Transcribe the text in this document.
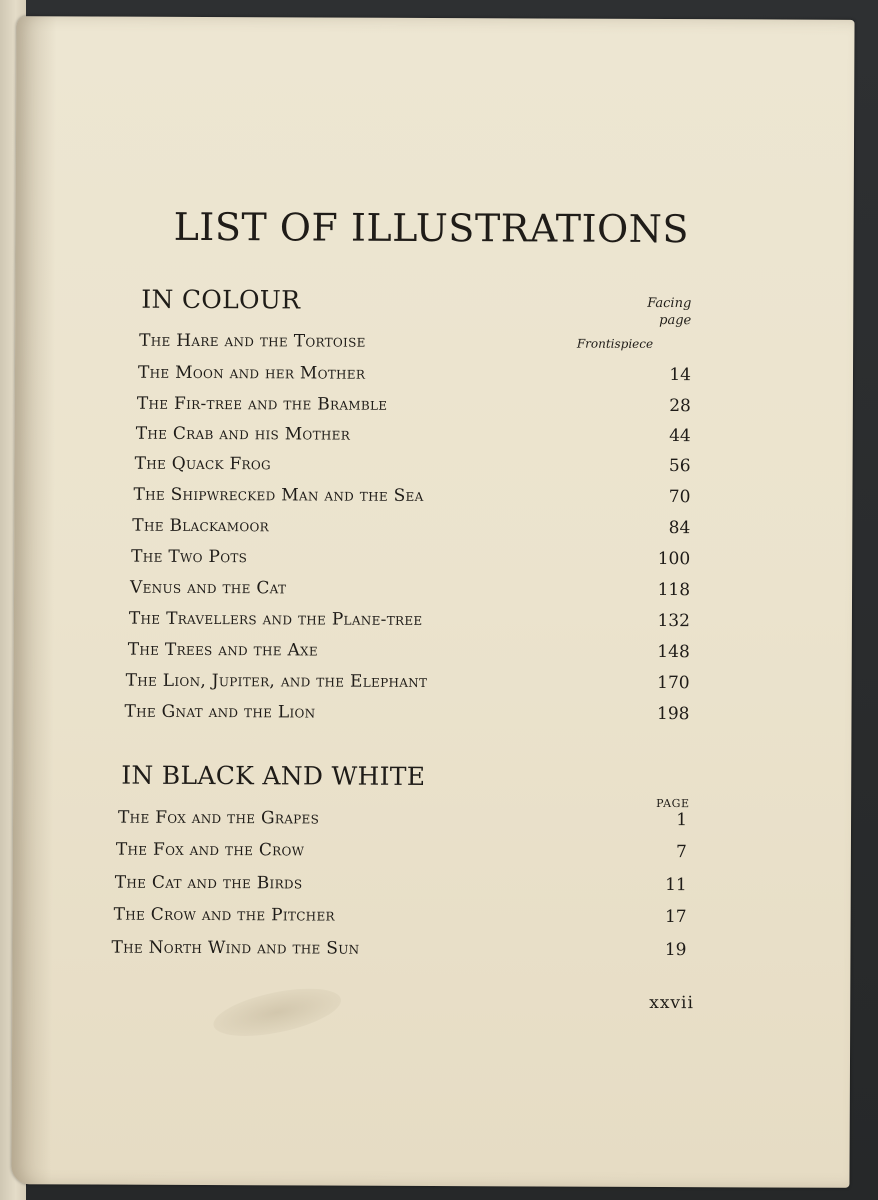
LIST OF ILLUSTRATIONS
IN COLOUR	Facing
page
The Hare and the Tortoise	Frontispiece
The Moon and her Mother	14
The Fir-tree and the Bramble	28
The Crab and his Mother	44
The Quack Frog	56
The Shipwrecked Man and the Sea	70
The Blackamoor	84
The Two Pots	100
Venus and the Cat	118
The Travellers and the Plane-tree	132
The Trees and the Axe	148
The Lion, Jupiter, and the Elephant	170
The Gnat and the Lion	198
IN BLACK AND WHITE
PAGE
The Fox and the Grapes	1
The Fox and the Crow	7
The Cat and the Birds	11
The Crow and the Pitcher	17
The North Wind and the Sun	19
xxvii
